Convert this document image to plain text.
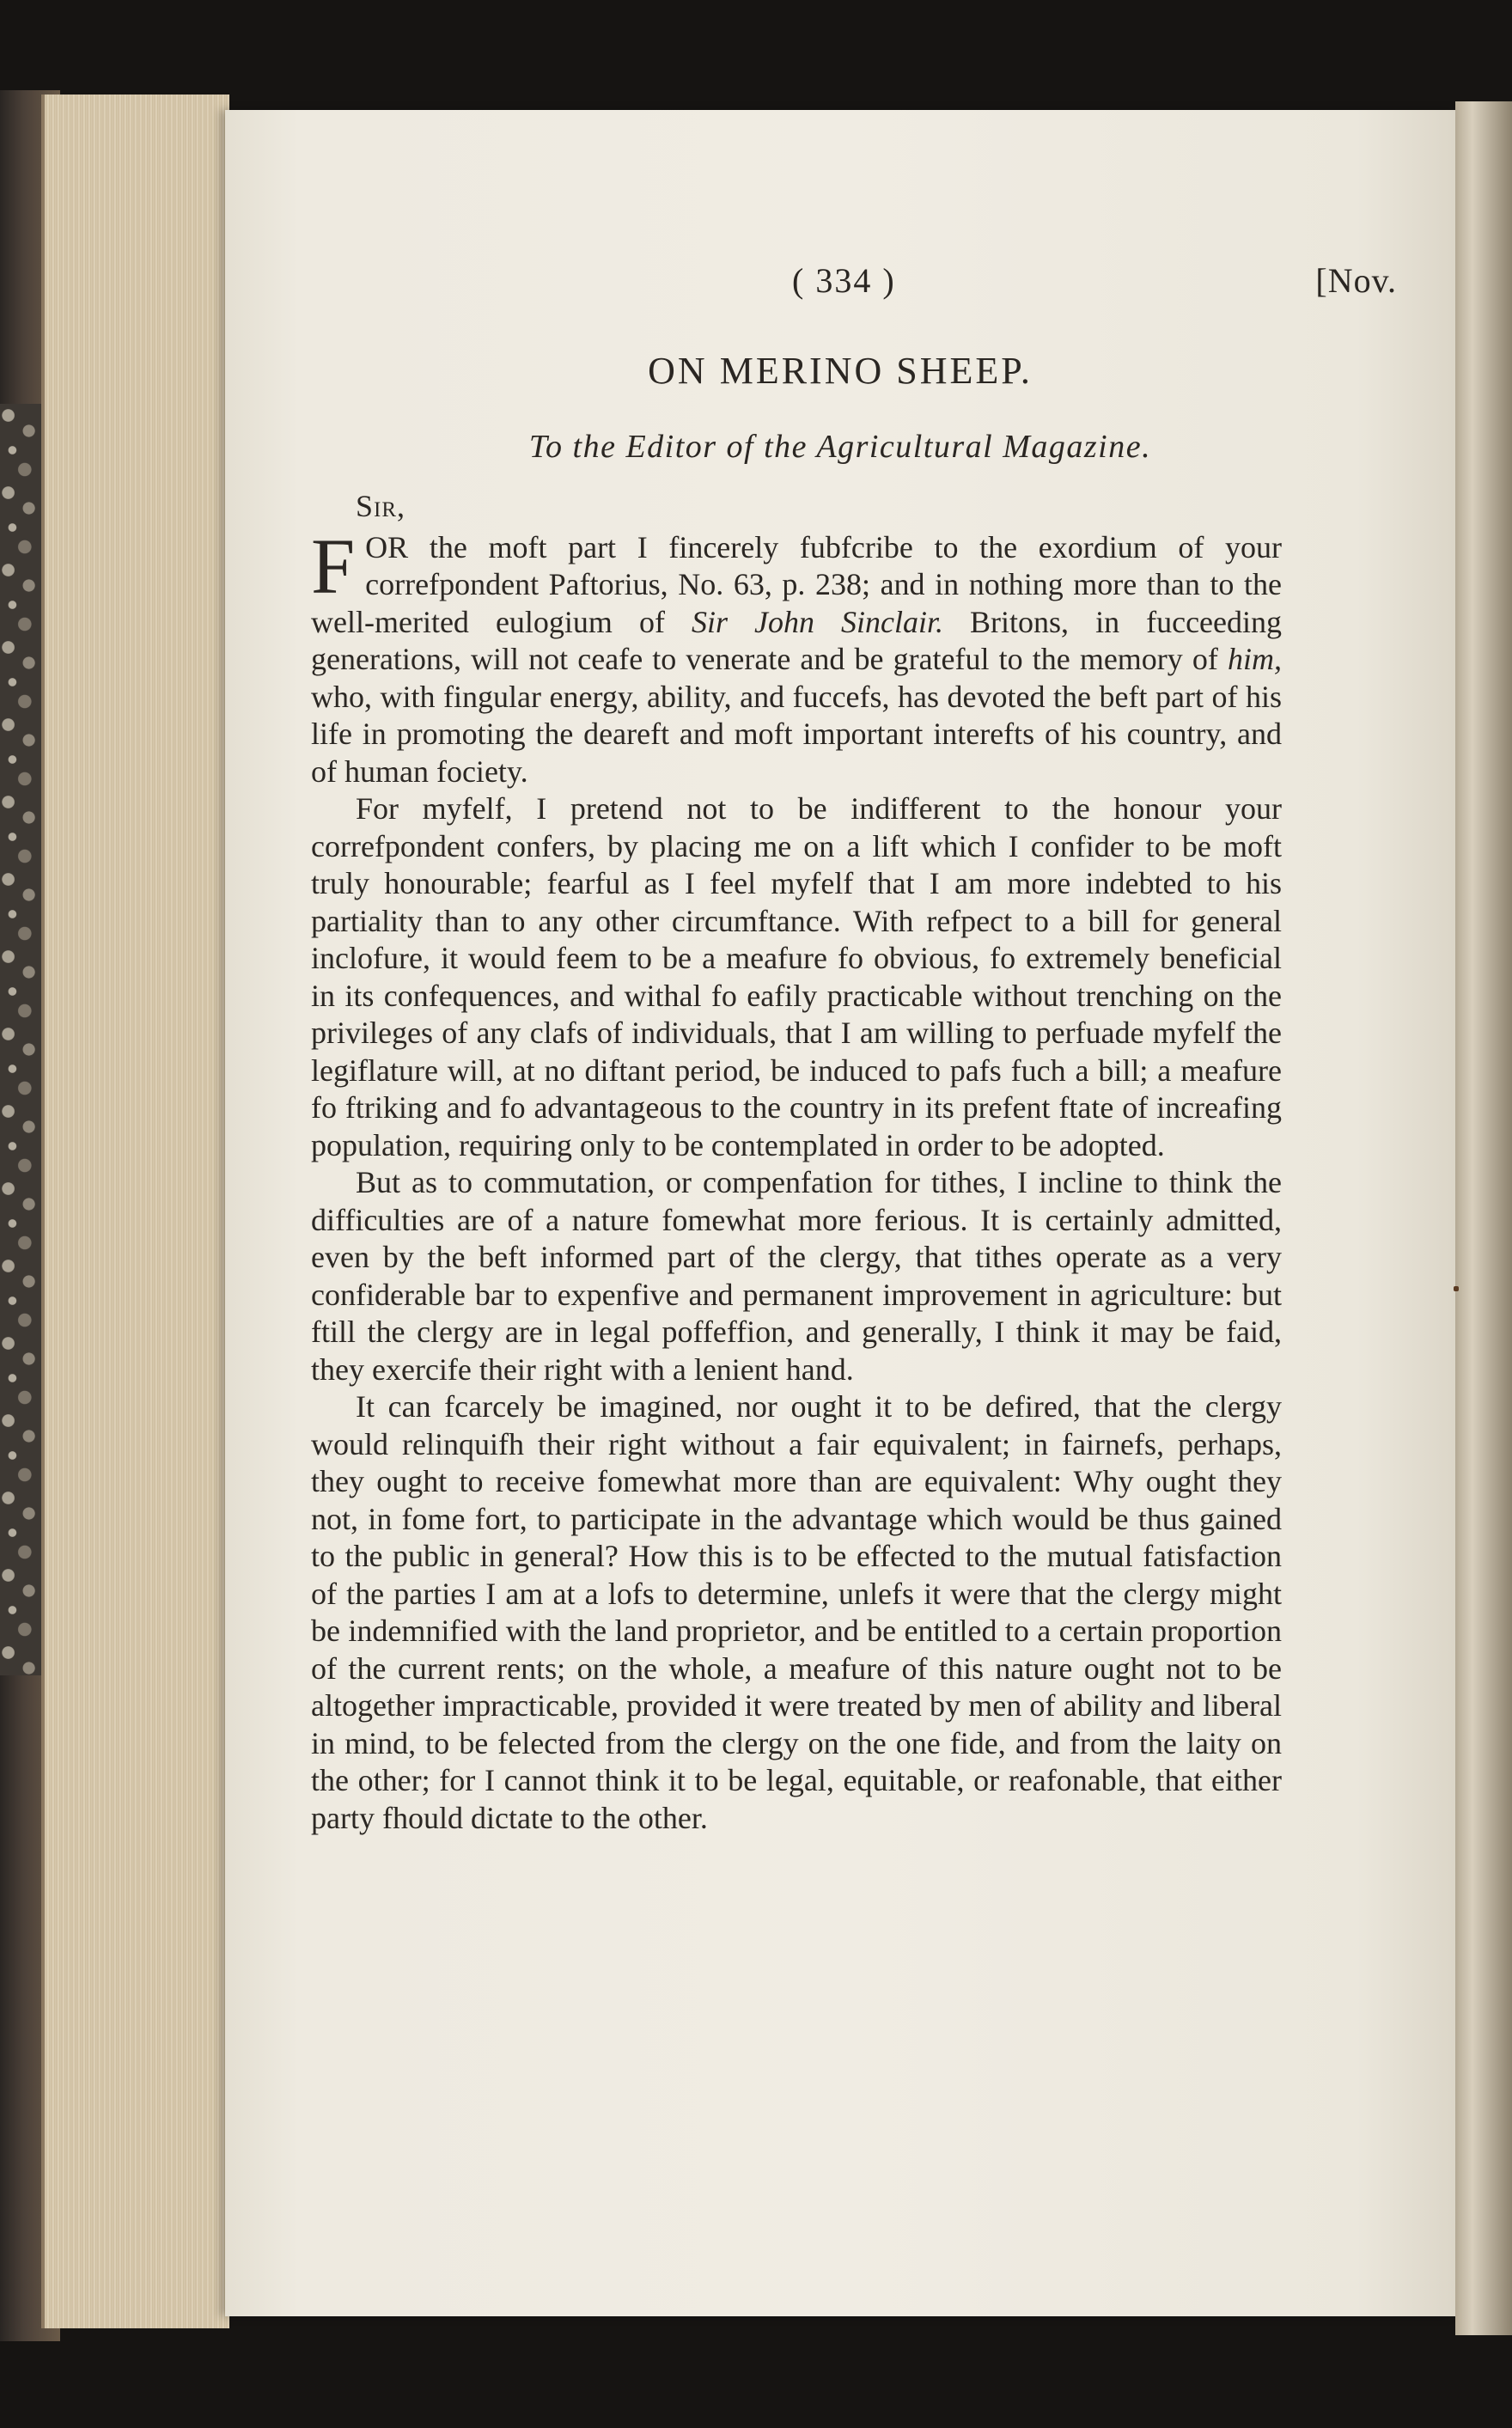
( 334 )	[Nov.
ON MERINO SHEEP.
To the Editor of the Agricultural Magazine.
Sir,

FOR the moft part I fincerely fubfcribe to the exordium of your correfpondent Paftorius, No. 63, p. 238; and in nothing more than to the well-merited eulogium of Sir John Sinclair. Britons, in fucceeding generations, will not ceafe to venerate and be grateful to the memory of him, who, with fingular energy, ability, and fuccefs, has devoted the beft part of his life in promoting the deareft and moft important interefts of his country, and of human fociety.

For myfelf, I pretend not to be indifferent to the honour your correfpondent confers, by placing me on a lift which I confider to be moft truly honourable; fearful as I feel myfelf that I am more indebted to his partiality than to any other circumftance. With refpect to a bill for general inclofure, it would feem to be a meafure fo obvious, fo extremely beneficial in its confequences, and withal fo eafily practicable without trenching on the privileges of any clafs of individuals, that I am willing to perfuade myfelf the legiflature will, at no diftant period, be induced to pafs fuch a bill; a meafure fo ftriking and fo advantageous to the country in its prefent ftate of increafing population, requiring only to be contemplated in order to be adopted.

But as to commutation, or compenfation for tithes, I incline to think the difficulties are of a nature fomewhat more ferious. It is certainly admitted, even by the beft informed part of the clergy, that tithes operate as a very confiderable bar to expenfive and permanent improvement in agriculture: but ftill the clergy are in legal poffeffion, and generally, I think it may be faid, they exercife their right with a lenient hand.

It can fcarcely be imagined, nor ought it to be defired, that the clergy would relinquifh their right without a fair equivalent; in fairnefs, perhaps, they ought to receive fomewhat more than are equivalent: Why ought they not, in fome fort, to participate in the advantage which would be thus gained to the public in general? How this is to be effected to the mutual fatisfaction of the parties I am at a lofs to determine, unlefs it were that the clergy might be indemnified with the land proprietor, and be entitled to a certain proportion of the current rents; on the whole, a meafure of this nature ought not to be altogether impracticable, provided it were treated by men of ability and liberal in mind, to be felected from the clergy on the one fide, and from the laity on the other; for I cannot think it to be legal, equitable, or reafonable, that either party fhould dictate to the other.
